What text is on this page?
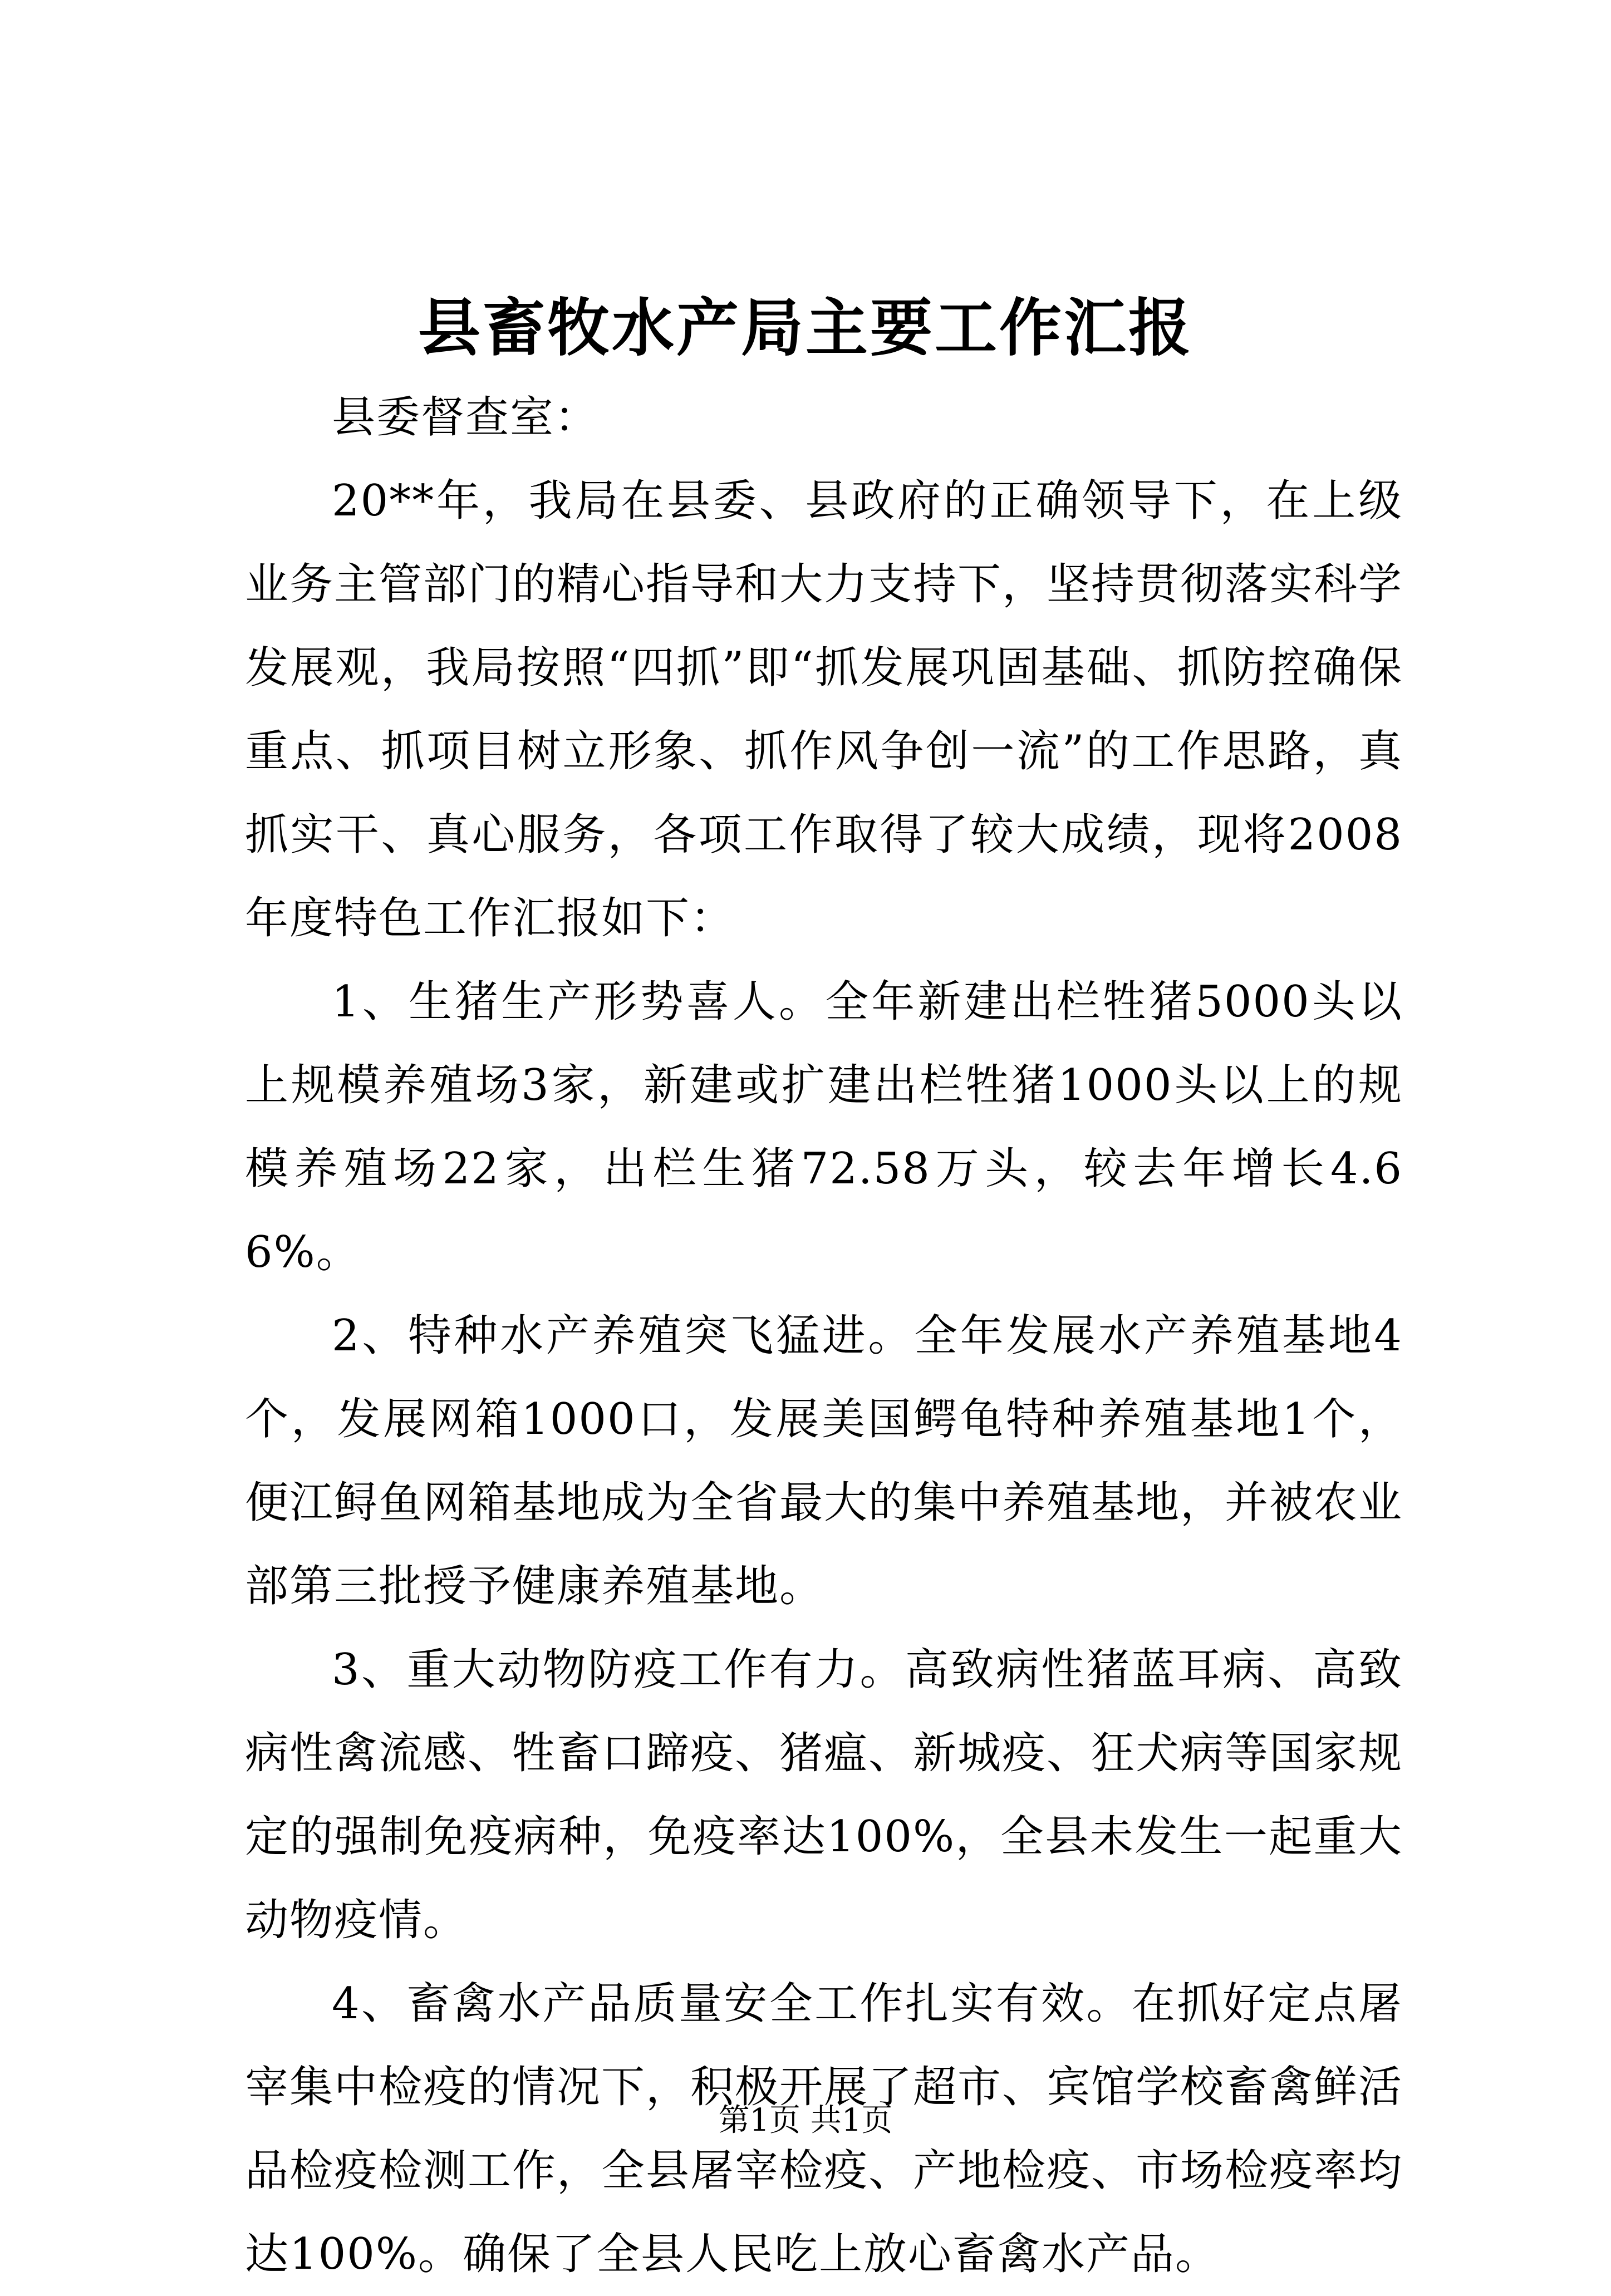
县畜牧水产局主要工作汇报

县委督查室：

20**年，我局在县委、县政府的正确领导下，在上级业务主管部门的精心指导和大力支持下，坚持贯彻落实科学发展观，我局按照“四抓”即“抓发展巩固基础、抓防控确保重点、抓项目树立形象、抓作风争创一流”的工作思路，真抓实干、真心服务，各项工作取得了较大成绩，现将2008年度特色工作汇报如下：

1、生猪生产形势喜人。全年新建出栏牲猪5000头以上规模养殖场3家，新建或扩建出栏牲猪1000头以上的规模养殖场22家，出栏生猪72.58万头，较去年增长4.66%。

2、特种水产养殖突飞猛进。全年发展水产养殖基地4个，发展网箱1000口，发展美国鳄龟特种养殖基地1个，便江鲟鱼网箱基地成为全省最大的集中养殖基地，并被农业部第三批授予健康养殖基地。

3、重大动物防疫工作有力。高致病性猪蓝耳病、高致病性禽流感、牲畜口蹄疫、猪瘟、新城疫、狂犬病等国家规定的强制免疫病种，免疫率达100%，全县未发生一起重大动物疫情。

4、畜禽水产品质量安全工作扎实有效。在抓好定点屠宰集中检疫的情况下，积极开展了超市、宾馆学校畜禽鲜活品检疫检测工作，全县屠宰检疫、产地检疫、市场检疫率均达100%。确保了全县人民吃上放心畜禽水产品。

第1页 共1页
